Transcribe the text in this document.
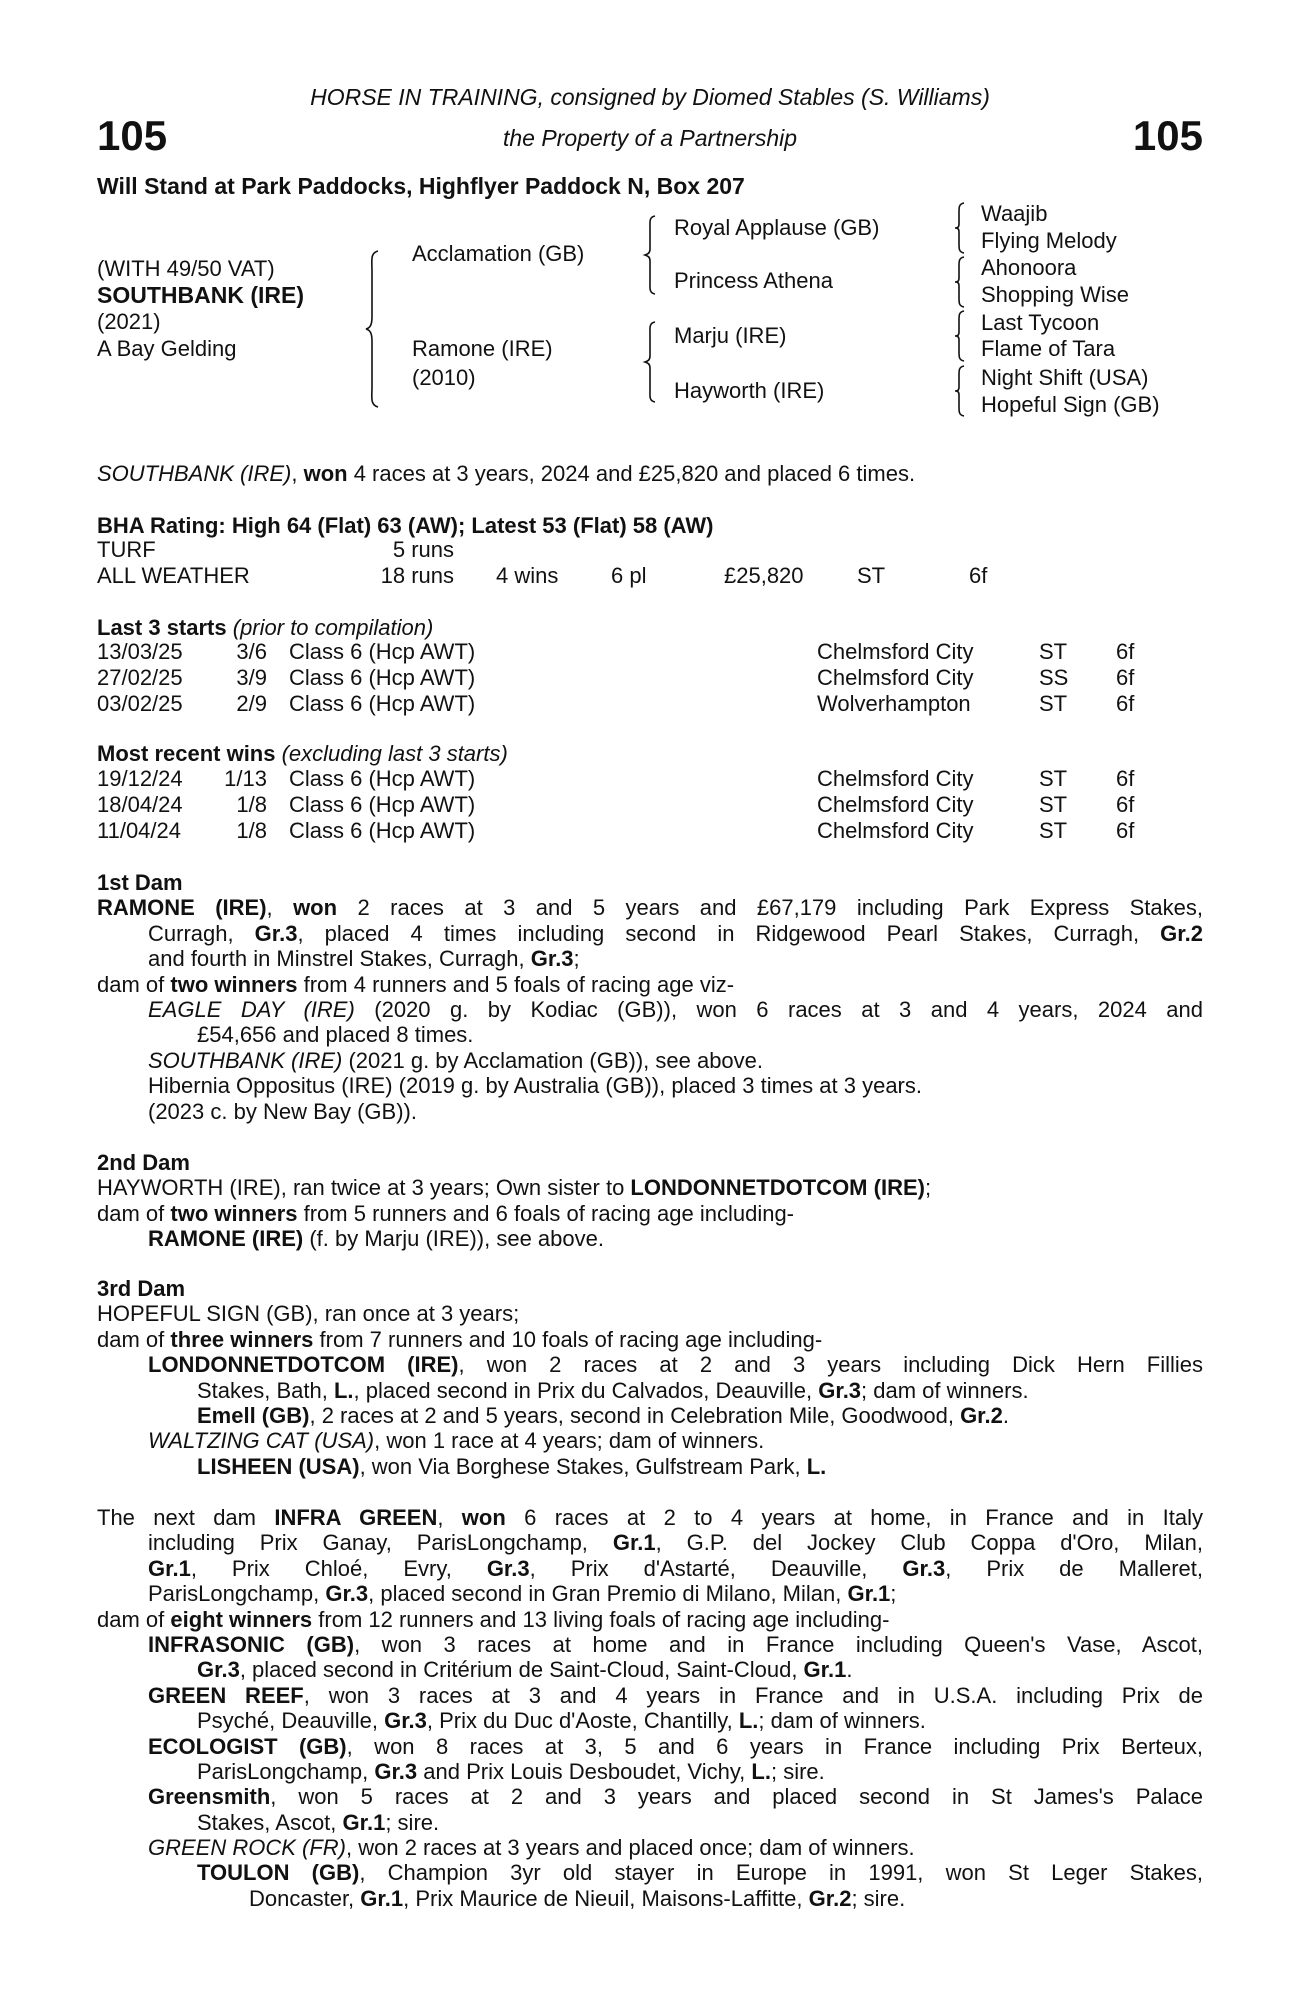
HORSE IN TRAINING, consigned by Diomed Stables (S. Williams)
105	the Property of a Partnership	105
Will Stand at Park Paddocks, Highflyer Paddock N, Box 207
(WITH 49/50 VAT)
SOUTHBANK (IRE)
(2021)
A Bay Gelding
Acclamation (GB)
Ramone (IRE)
(2010)
Royal Applause (GB)
Princess Athena
Marju (IRE)
Hayworth (IRE)
Waajib
Flying Melody
Ahonoora
Shopping Wise
Last Tycoon
Flame of Tara
Night Shift (USA)
Hopeful Sign (GB)
SOUTHBANK (IRE), won 4 races at 3 years, 2024 and £25,820 and placed 6 times.
BHA Rating: High 64 (Flat) 63 (AW); Latest 53 (Flat) 58 (AW)
TURF	5 runs
ALL WEATHER	18 runs 4 wins 6 pl	£25,820 ST	6f
Last 3 starts (prior to compilation)
13/03/25	3/6 Class 6 (Hcp AWT)	Chelmsford City	ST 6f
27/02/25	3/9 Class 6 (Hcp AWT)	Chelmsford City	SS 6f
03/02/25	2/9 Class 6 (Hcp AWT)	Wolverhampton	ST 6f
Most recent wins (excluding last 3 starts)
19/12/24	1/13 Class 6 (Hcp AWT)	Chelmsford City	ST 6f
18/04/24	1/8 Class 6 (Hcp AWT)	Chelmsford City	ST 6f
11/04/24	1/8 Class 6 (Hcp AWT)	Chelmsford City	ST 6f
1st Dam
RAMONE (IRE), won 2 races at 3 and 5 years and £67,179 including Park Express Stakes,
Curragh, Gr.3, placed 4 times including second in Ridgewood Pearl Stakes, Curragh, Gr.2
and fourth in Minstrel Stakes, Curragh, Gr.3;
dam of two winners from 4 runners and 5 foals of racing age viz-
EAGLE DAY (IRE) (2020 g. by Kodiac (GB)), won 6 races at 3 and 4 years, 2024 and
£54,656 and placed 8 times.
SOUTHBANK (IRE) (2021 g. by Acclamation (GB)), see above.
Hibernia Oppositus (IRE) (2019 g. by Australia (GB)), placed 3 times at 3 years.
(2023 c. by New Bay (GB)).
2nd Dam
HAYWORTH (IRE), ran twice at 3 years; Own sister to LONDONNETDOTCOM (IRE);
dam of two winners from 5 runners and 6 foals of racing age including-
RAMONE (IRE) (f. by Marju (IRE)), see above.
3rd Dam
HOPEFUL SIGN (GB), ran once at 3 years;
dam of three winners from 7 runners and 10 foals of racing age including-
LONDONNETDOTCOM (IRE), won 2 races at 2 and 3 years including Dick Hern Fillies
Stakes, Bath, L., placed second in Prix du Calvados, Deauville, Gr.3; dam of winners.
Emell (GB), 2 races at 2 and 5 years, second in Celebration Mile, Goodwood, Gr.2.
WALTZING CAT (USA), won 1 race at 4 years; dam of winners.
LISHEEN (USA), won Via Borghese Stakes, Gulfstream Park, L.
The next dam INFRA GREEN, won 6 races at 2 to 4 years at home, in France and in Italy
including Prix Ganay, ParisLongchamp, Gr.1, G.P. del Jockey Club Coppa d'Oro, Milan,
Gr.1, Prix Chloé, Evry, Gr.3, Prix d'Astarté, Deauville, Gr.3, Prix de Malleret,
ParisLongchamp, Gr.3, placed second in Gran Premio di Milano, Milan, Gr.1;
dam of eight winners from 12 runners and 13 living foals of racing age including-
INFRASONIC (GB), won 3 races at home and in France including Queen's Vase, Ascot,
Gr.3, placed second in Critérium de Saint-Cloud, Saint-Cloud, Gr.1.
GREEN REEF, won 3 races at 3 and 4 years in France and in U.S.A. including Prix de
Psyché, Deauville, Gr.3, Prix du Duc d'Aoste, Chantilly, L.; dam of winners.
ECOLOGIST (GB), won 8 races at 3, 5 and 6 years in France including Prix Berteux,
ParisLongchamp, Gr.3 and Prix Louis Desboudet, Vichy, L.; sire.
Greensmith, won 5 races at 2 and 3 years and placed second in St James's Palace
Stakes, Ascot, Gr.1; sire.
GREEN ROCK (FR), won 2 races at 3 years and placed once; dam of winners.
TOULON (GB), Champion 3yr old stayer in Europe in 1991, won St Leger Stakes,
Doncaster, Gr.1, Prix Maurice de Nieuil, Maisons-Laffitte, Gr.2; sire.
